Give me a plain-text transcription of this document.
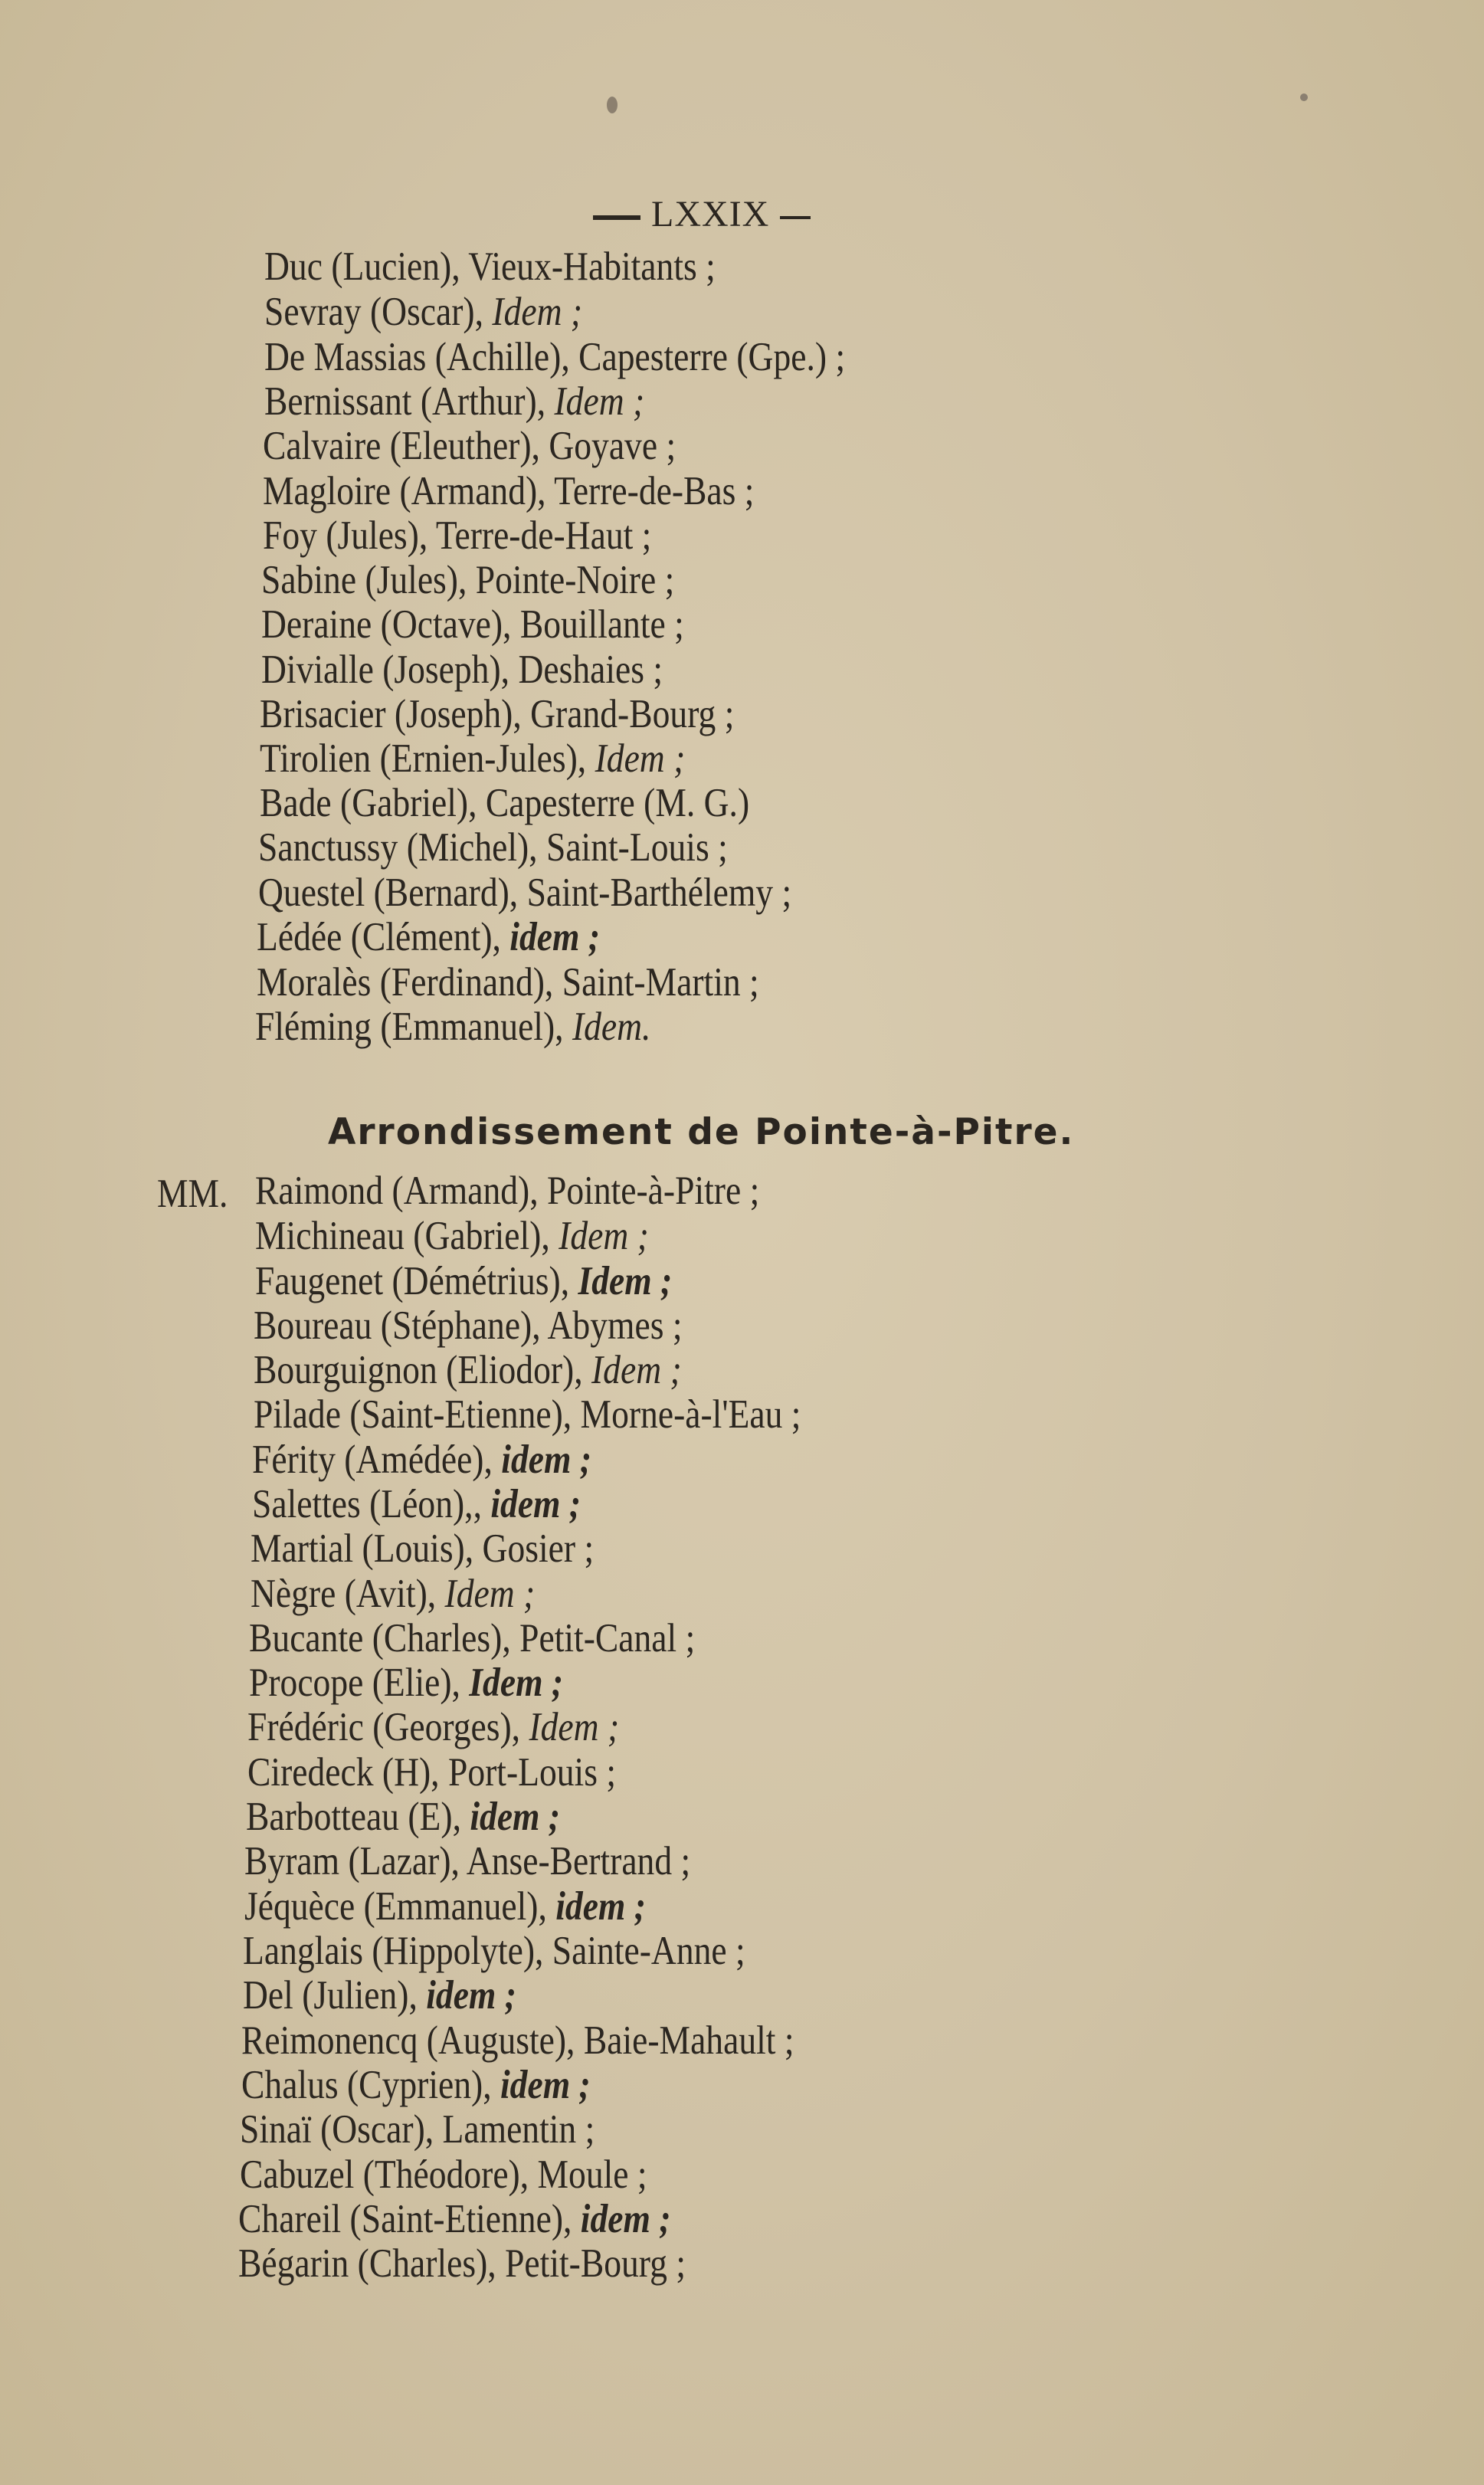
LXXIX
Duc (Lucien), Vieux-Habitants ;
Sevray (Oscar), Idem ;
De Massias (Achille), Capesterre (Gpe.) ;
Bernissant (Arthur), Idem ;
Calvaire (Eleuther), Goyave ;
Magloire (Armand), Terre-de-Bas ;
Foy (Jules), Terre-de-Haut ;
Sabine (Jules), Pointe-Noire ;
Deraine (Octave), Bouillante ;
Divialle (Joseph), Deshaies ;
Brisacier (Joseph), Grand-Bourg ;
Tirolien (Ernien-Jules), Idem ;
Bade (Gabriel), Capesterre (M. G.)
Sanctussy (Michel), Saint-Louis ;
Questel (Bernard), Saint-Barthélemy ;
Lédée (Clément), idem ;
Moralès (Ferdinand), Saint-Martin ;
Fléming (Emmanuel), Idem.
Arrondissement de Pointe-à-Pitre.
MM. Raimond (Armand), Pointe-à-Pitre ;
Michineau (Gabriel), Idem ;
Faugenet (Démétrius), Idem ;
Boureau (Stéphane), Abymes ;
Bourguignon (Eliodor), Idem ;
Pilade (Saint-Etienne), Morne-à-l'Eau ;
Férity (Amédée), idem ;
Salettes (Léon),, idem ;
Martial (Louis), Gosier ;
Nègre (Avit), Idem ;
Bucante (Charles), Petit-Canal ;
Procope (Elie), Idem ;
Frédéric (Georges), Idem ;
Ciredeck (H), Port-Louis ;
Barbotteau (E), idem ;
Byram (Lazar), Anse-Bertrand ;
Jéquèce (Emmanuel), idem ;
Langlais (Hippolyte), Sainte-Anne ;
Del (Julien), idem ;
Reimonencq (Auguste), Baie-Mahault ;
Chalus (Cyprien), idem ;
Sinaï (Oscar), Lamentin ;
Cabuzel (Théodore), Moule ;
Chareil (Saint-Etienne), idem ;
Bégarin (Charles), Petit-Bourg ;
